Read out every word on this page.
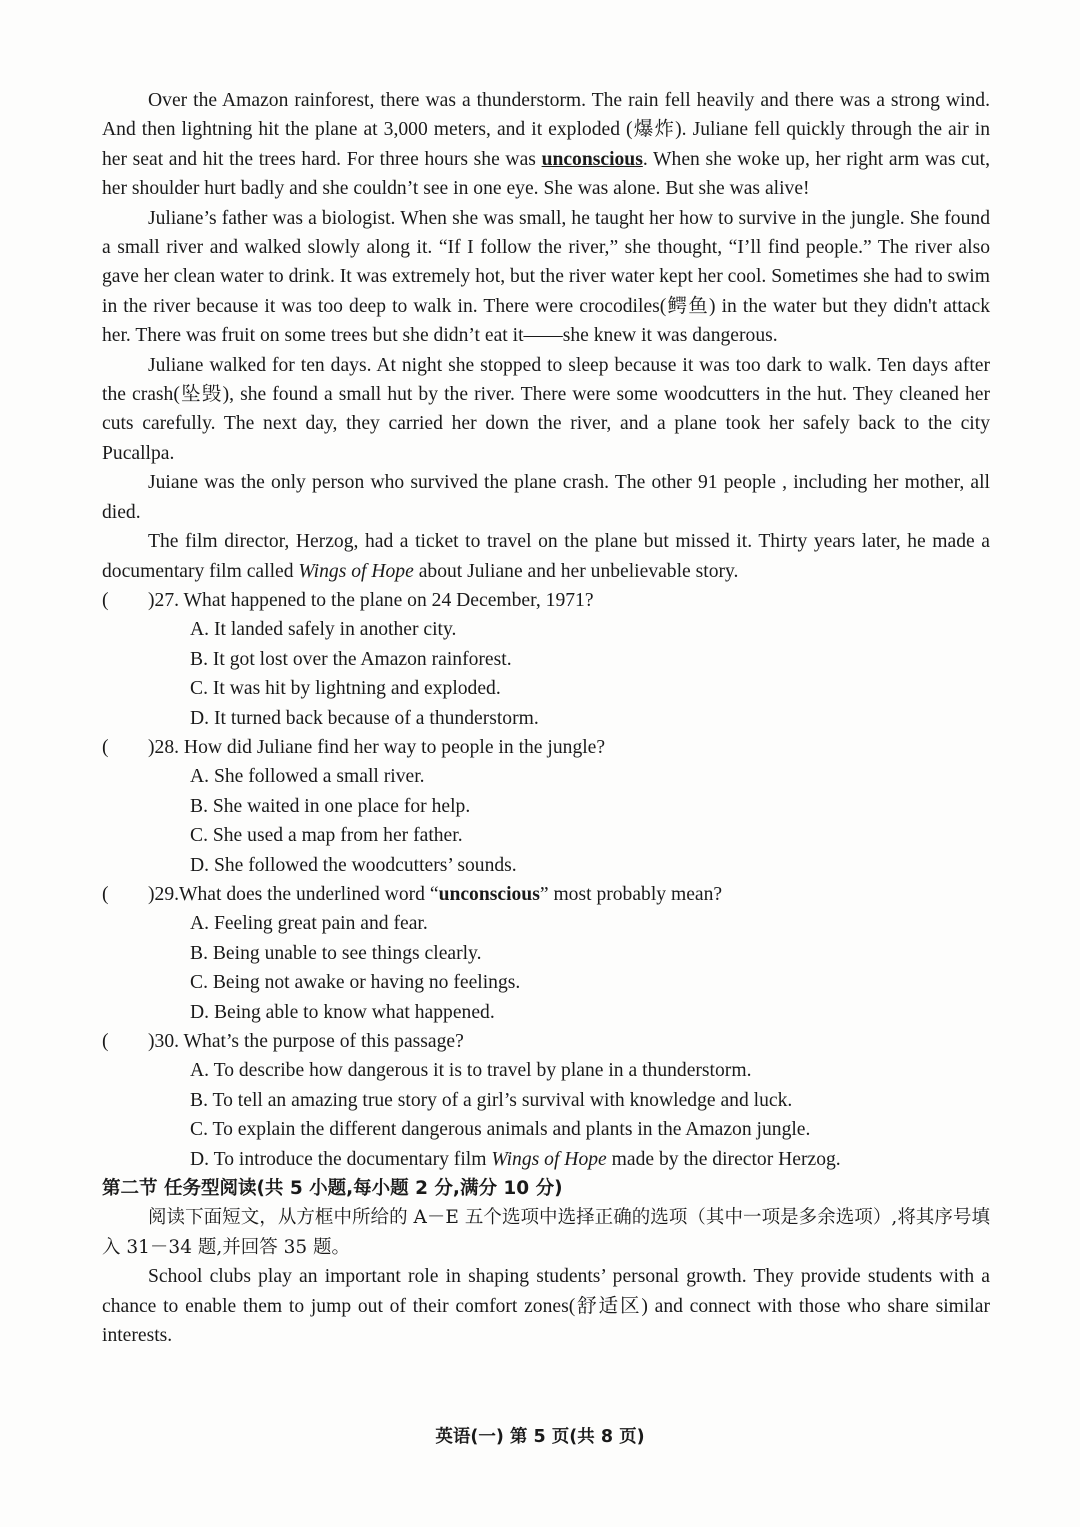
Over the Amazon rainforest, there was a thunderstorm. The rain fell heavily and there was a strong wind. And then lightning hit the plane at 3,000 meters, and it exploded (爆炸). Juliane fell quickly through the air in her seat and hit the trees hard. For three hours she was unconscious. When she woke up, her right arm was cut, her shoulder hurt badly and she couldn’t see in one eye. She was alone. But she was alive!

Juliane’s father was a biologist. When she was small, he taught her how to survive in the jungle. She found a small river and walked slowly along it. “If I follow the river,” she thought, “I’ll find people.” The river also gave her clean water to drink. It was extremely hot, but the river water kept her cool. Sometimes she had to swim in the river because it was too deep to walk in. There were crocodiles(鳄鱼) in the water but they didn't attack her. There was fruit on some trees but she didn’t eat it——she knew it was dangerous.

Juliane walked for ten days. At night she stopped to sleep because it was too dark to walk. Ten days after the crash(坠毁), she found a small hut by the river. There were some woodcutters in the hut. They cleaned her cuts carefully. The next day, they carried her down the river, and a plane took her safely back to the city Pucallpa.

Juiane was the only person who survived the plane crash. The other 91 people , including her mother, all died.

The film director, Herzog, had a ticket to travel on the plane but missed it. Thirty years later, he made a documentary film called Wings of Hope about Juliane and her unbelievable story.

( )27. What happened to the plane on 24 December, 1971?

A. It landed safely in another city.

B. It got lost over the Amazon rainforest.

C. It was hit by lightning and exploded.

D. It turned back because of a thunderstorm.

( )28. How did Juliane find her way to people in the jungle?

A. She followed a small river.

B. She waited in one place for help.

C. She used a map from her father.

D. She followed the woodcutters’ sounds.

( )29.What does the underlined word “unconscious” most probably mean?

A. Feeling great pain and fear.

B. Being unable to see things clearly.

C. Being not awake or having no feelings.

D. Being able to know what happened.

( )30. What’s the purpose of this passage?

A. To describe how dangerous it is to travel by plane in a thunderstorm.

B. To tell an amazing true story of a girl’s survival with knowledge and luck.

C. To explain the different dangerous animals and plants in the Amazon jungle.

D. To introduce the documentary film Wings of Hope made by the director Herzog.

第二节 任务型阅读(共 5 小题,每小题 2 分,满分 10 分)

阅读下面短文，从方框中所给的 A－E 五个选项中选择正确的选项（其中一项是多余选项）,将其序号填入 31－34 题,并回答 35 题。

School clubs play an important role in shaping students’ personal growth. They provide students with a chance to enable them to jump out of their comfort zones(舒适区) and connect with those who share similar interests.

英语(一) 第 5 页(共 8 页)
